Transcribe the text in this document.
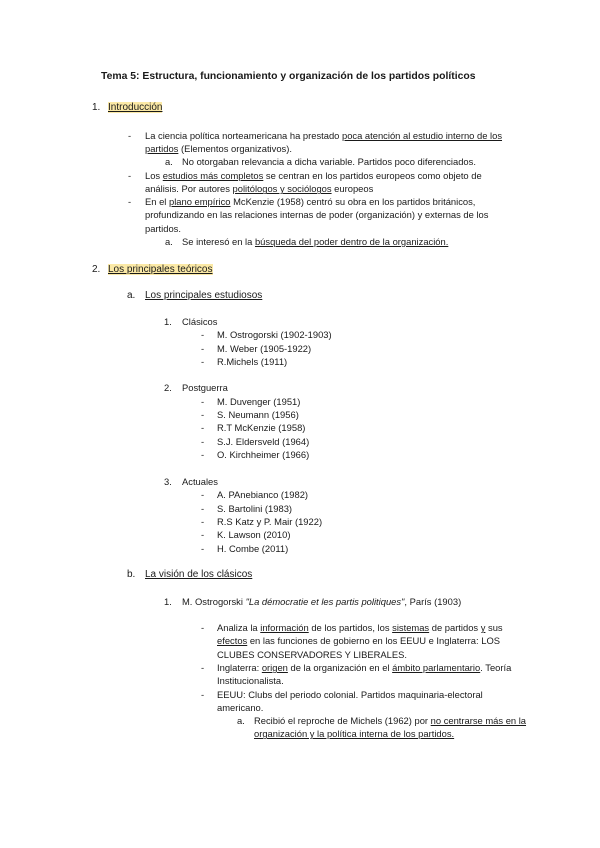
Tema 5: Estructura, funcionamiento y organización de los partidos políticos
1. Introducción
- La ciencia política norteamericana ha prestado poca atención al estudio interno de los partidos (Elementos organizativos).
a. No otorgaban relevancia a dicha variable. Partidos poco diferenciados.
- Los estudios más completos se centran en los partidos europeos como objeto de análisis. Por autores politólogos y sociólogos europeos
- En el plano empírico McKenzie (1958) centró su obra en los partidos británicos, profundizando en las relaciones internas de poder (organización) y externas de los partidos.
a. Se interesó en la búsqueda del poder dentro de la organización.
2. Los principales teóricos
a. Los principales estudiosos
1. Clásicos
- M. Ostrogorski (1902-1903)
- M. Weber (1905-1922)
- R.Michels (1911)
2. Postguerra
- M. Duvenger (1951)
- S. Neumann (1956)
- R.T McKenzie (1958)
- S.J. Eldersveld (1964)
- O. Kirchheimer (1966)
3. Actuales
- A. PAnebianco (1982)
- S. Bartolini (1983)
- R.S Katz y P. Mair (1922)
- K. Lawson (2010)
- H. Combe (2011)
b. La visión de los clásicos
1. M. Ostrogorski "La démocratie et les partis politiques", París (1903)
- Analiza la información de los partidos, los sistemas de partidos y sus efectos en las funciones de gobierno en los EEUU e Inglaterra: LOS CLUBES CONSERVADORES Y LIBERALES.
- Inglaterra: origen de la organización en el ámbito parlamentario. Teoría Institucionalista.
- EEUU: Clubs del periodo colonial. Partidos maquinaria-electoral americano.
a. Recibió el reproche de Michels (1962) por no centrarse más en la organización y la política interna de los partidos.
